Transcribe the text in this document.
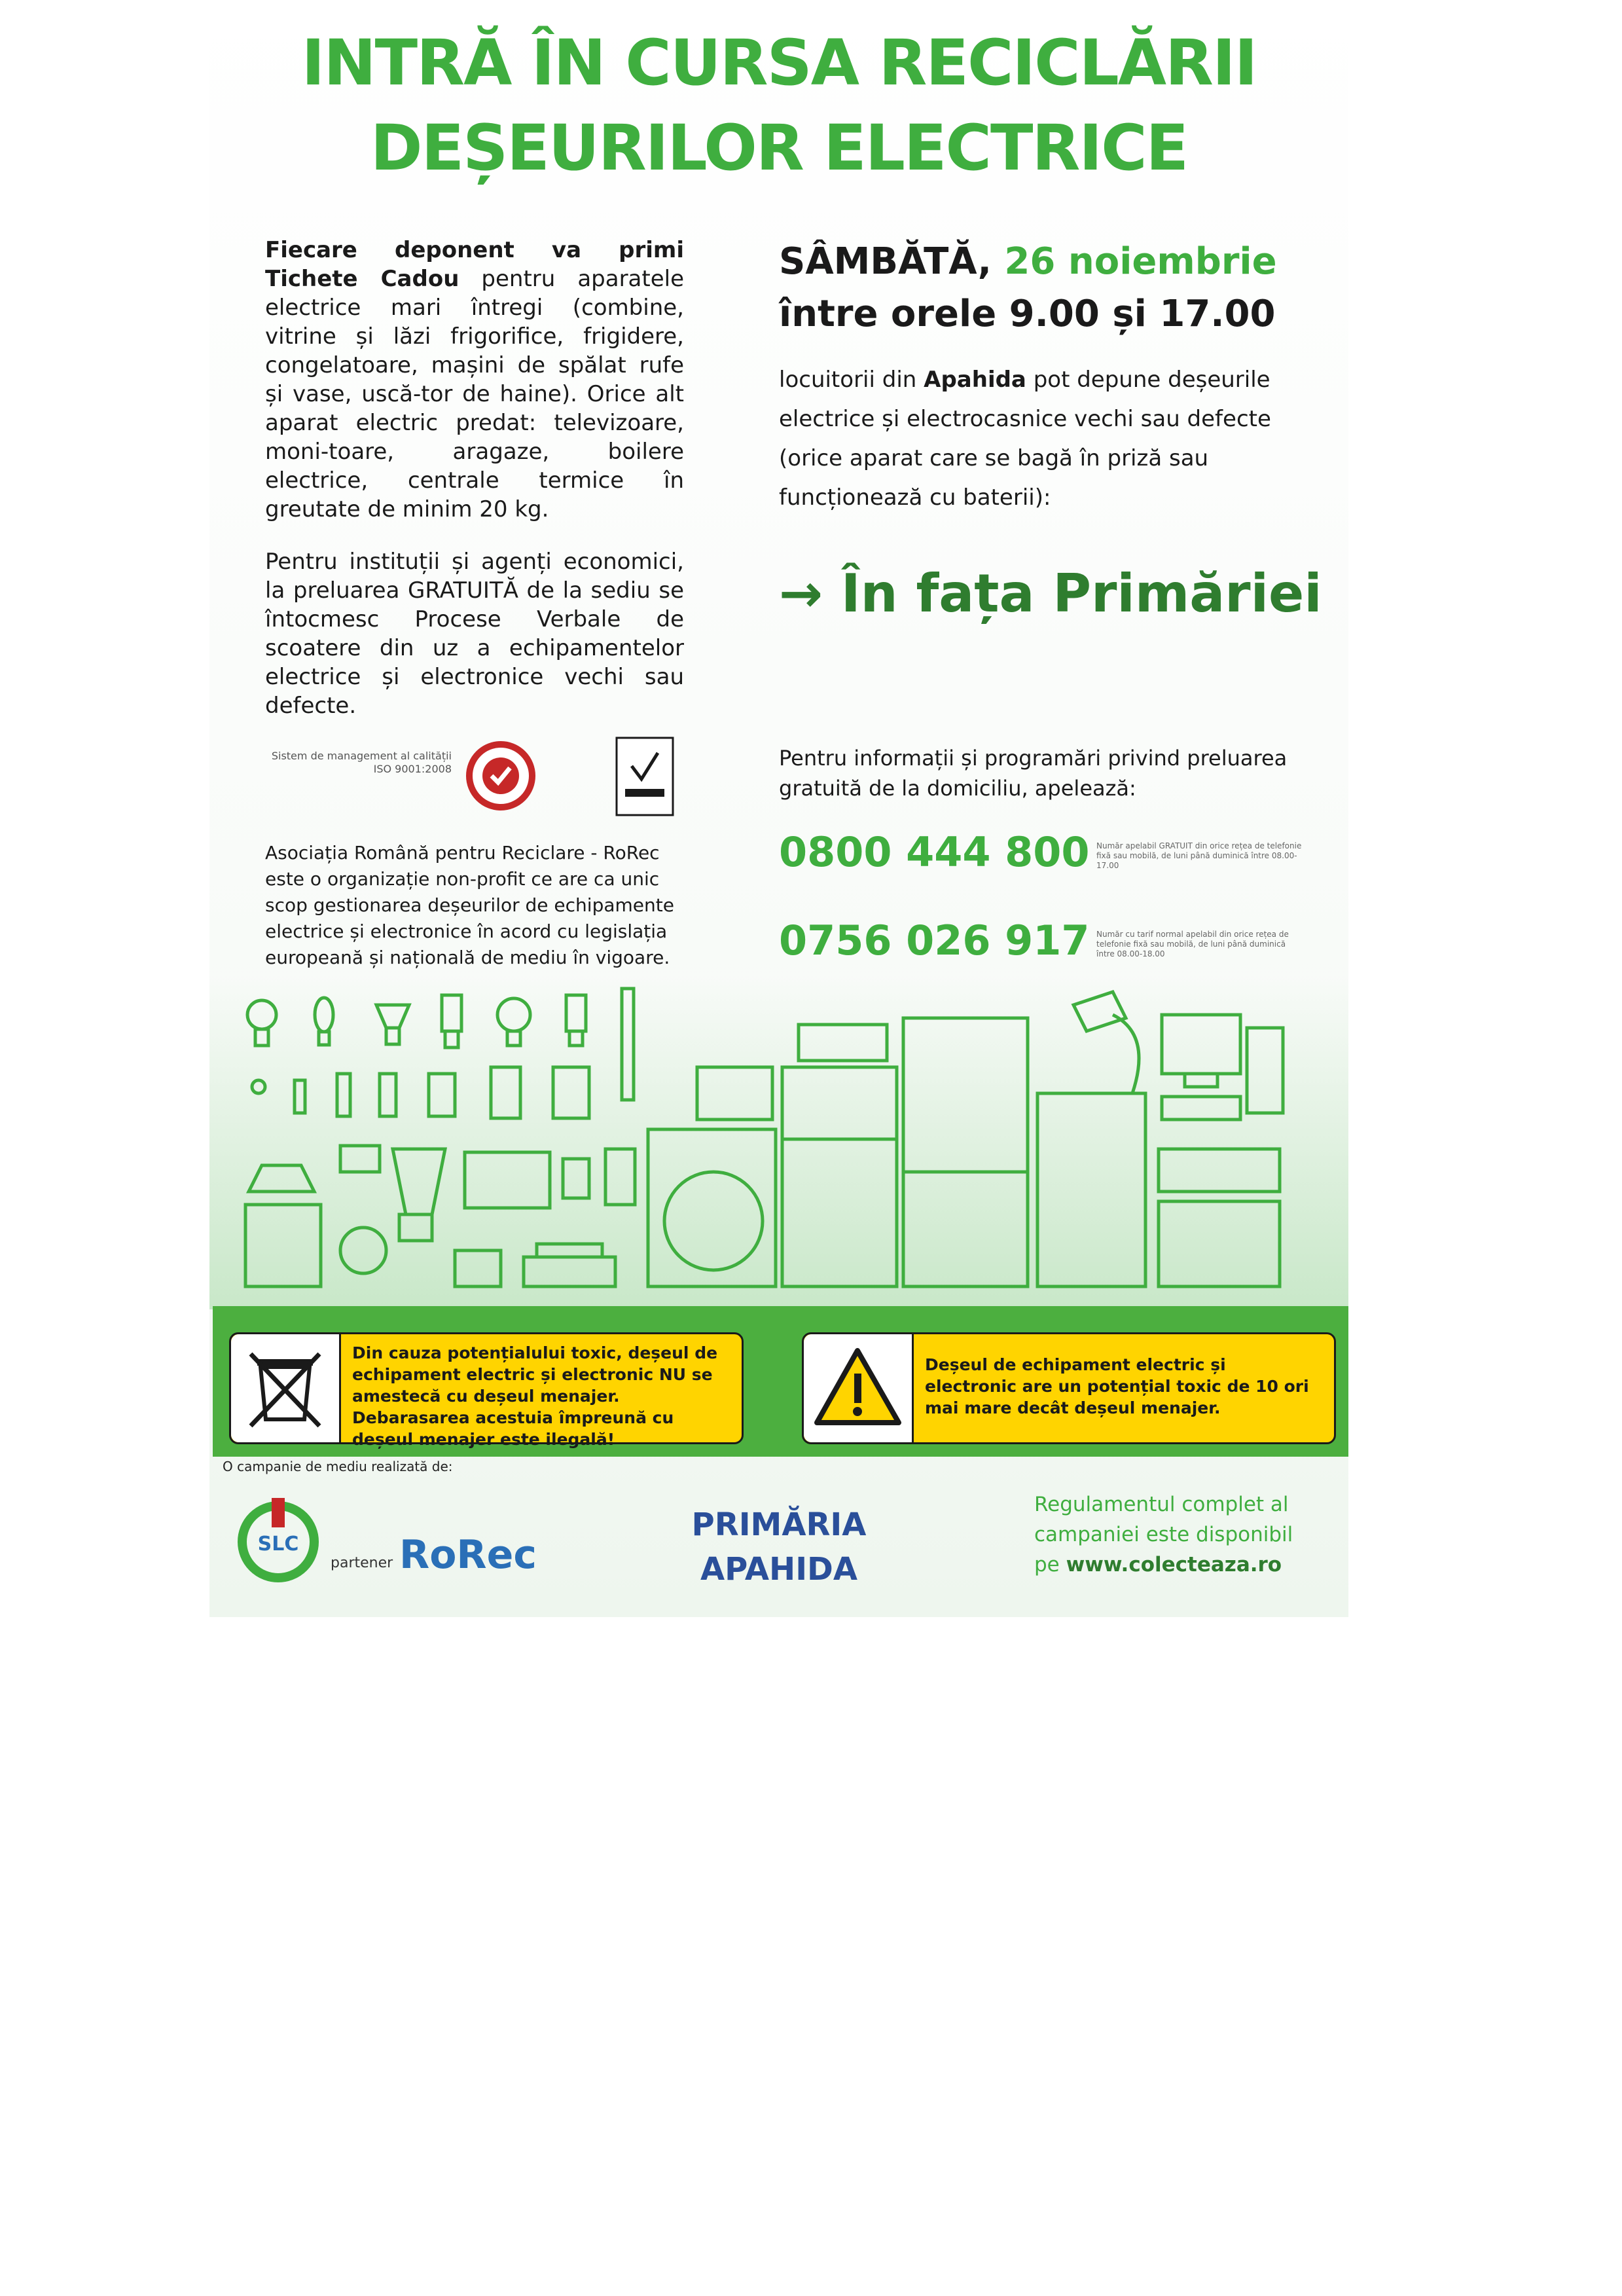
INTRĂ ÎN CURSA RECICLĂRII
DEȘEURILOR ELECTRICE

Fiecare deponent va primi Tichete Cadou pentru aparatele electrice mari întregi (combine, vitrine și lăzi frigorifice, frigidere, congelatoare, mașini de spălat rufe și vase, uscă-tor de haine). Orice alt aparat electric predat: televizoare, moni-toare, aragaze, boilere electrice, centrale termice în greutate de minim 20 kg.

Pentru instituții și agenți economici, la preluarea GRATUITĂ de la sediu se întocmesc Procese Verbale de scoatere din uz a echipamentelor electrice și electronice vechi sau defecte.

Sistem de management al calității ISO 9001:2008
Asociația Română pentru Reciclare - RoRec este o organizație non-profit ce are ca unic scop gestionarea deșeurilor de echipamente electrice și electronice în acord cu legislația europeană și națională de mediu în vigoare.
SÂMBĂTĂ, 26 noiembrie
între orele 9.00 și 17.00
locuitorii din Apahida pot depune deșeurile electrice și electrocasnice vechi sau defecte (orice aparat care se bagă în priză sau funcționează cu baterii):
→ În fața Primăriei
Pentru informații și programări privind preluarea gratuită de la domiciliu, apelează:
0800 444 800 Număr apelabil GRATUIT din orice rețea de telefonie fixă sau mobilă, de luni până duminică între 08.00-17.00
0756 026 917 Număr cu tarif normal apelabil din orice rețea de telefonie fixă sau mobilă, de luni până duminică între 08.00-18.00
Din cauza potențialului toxic, deșeul de echipament electric și electronic NU se amestecă cu deșeul menajer. Debarasarea acestuia împreună cu deșeul menajer este ilegală!
Deșeul de echipament electric și electronic are un potențial toxic de 10 ori mai mare decât deșeul menajer.
O campanie de mediu realizată de:
SLC
partener RoRec
PRIMĂRIA
APAHIDA
Regulamentul complet al campaniei este disponibil pe www.colecteaza.ro
